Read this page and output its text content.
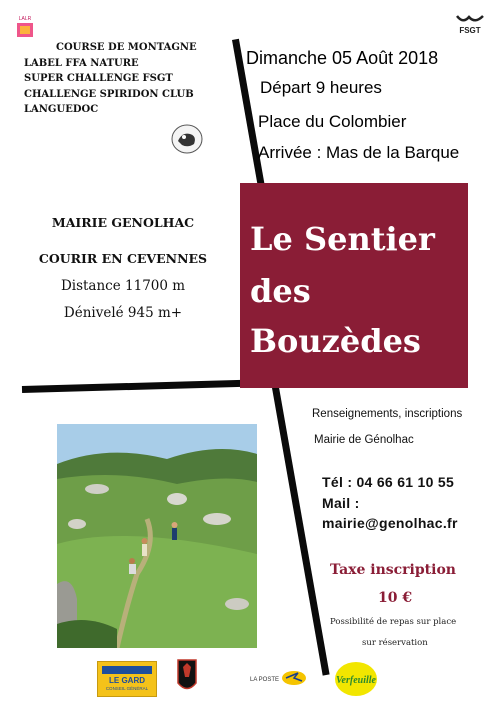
LALR
FSGT
COURSE DE MONTAGNE
LABEL FFA NATURE
SUPER CHALLENGE FSGT
CHALLENGE SPIRIDON CLUB
LANGUEDOC
Dimanche 05 Août 2018
Départ 9 heures
Place du Colombier
Arrivée : Mas de la Barque
Le Sentier
des
Bouzèdes
MAIRIE GENOLHAC
COURIR EN CEVENNES
Distance 11700 m
Dénivelé 945 m+
Renseignements, inscriptions
Mairie de Génolhac
Tél : 04 66 61 10 55
Mail :
mairie@genolhac.fr
Taxe inscription
10 €
Possibilité de repas sur place
sur réservation
LE GARD
CONSEIL GÉNÉRAL
LA POSTE	Verfeuille
